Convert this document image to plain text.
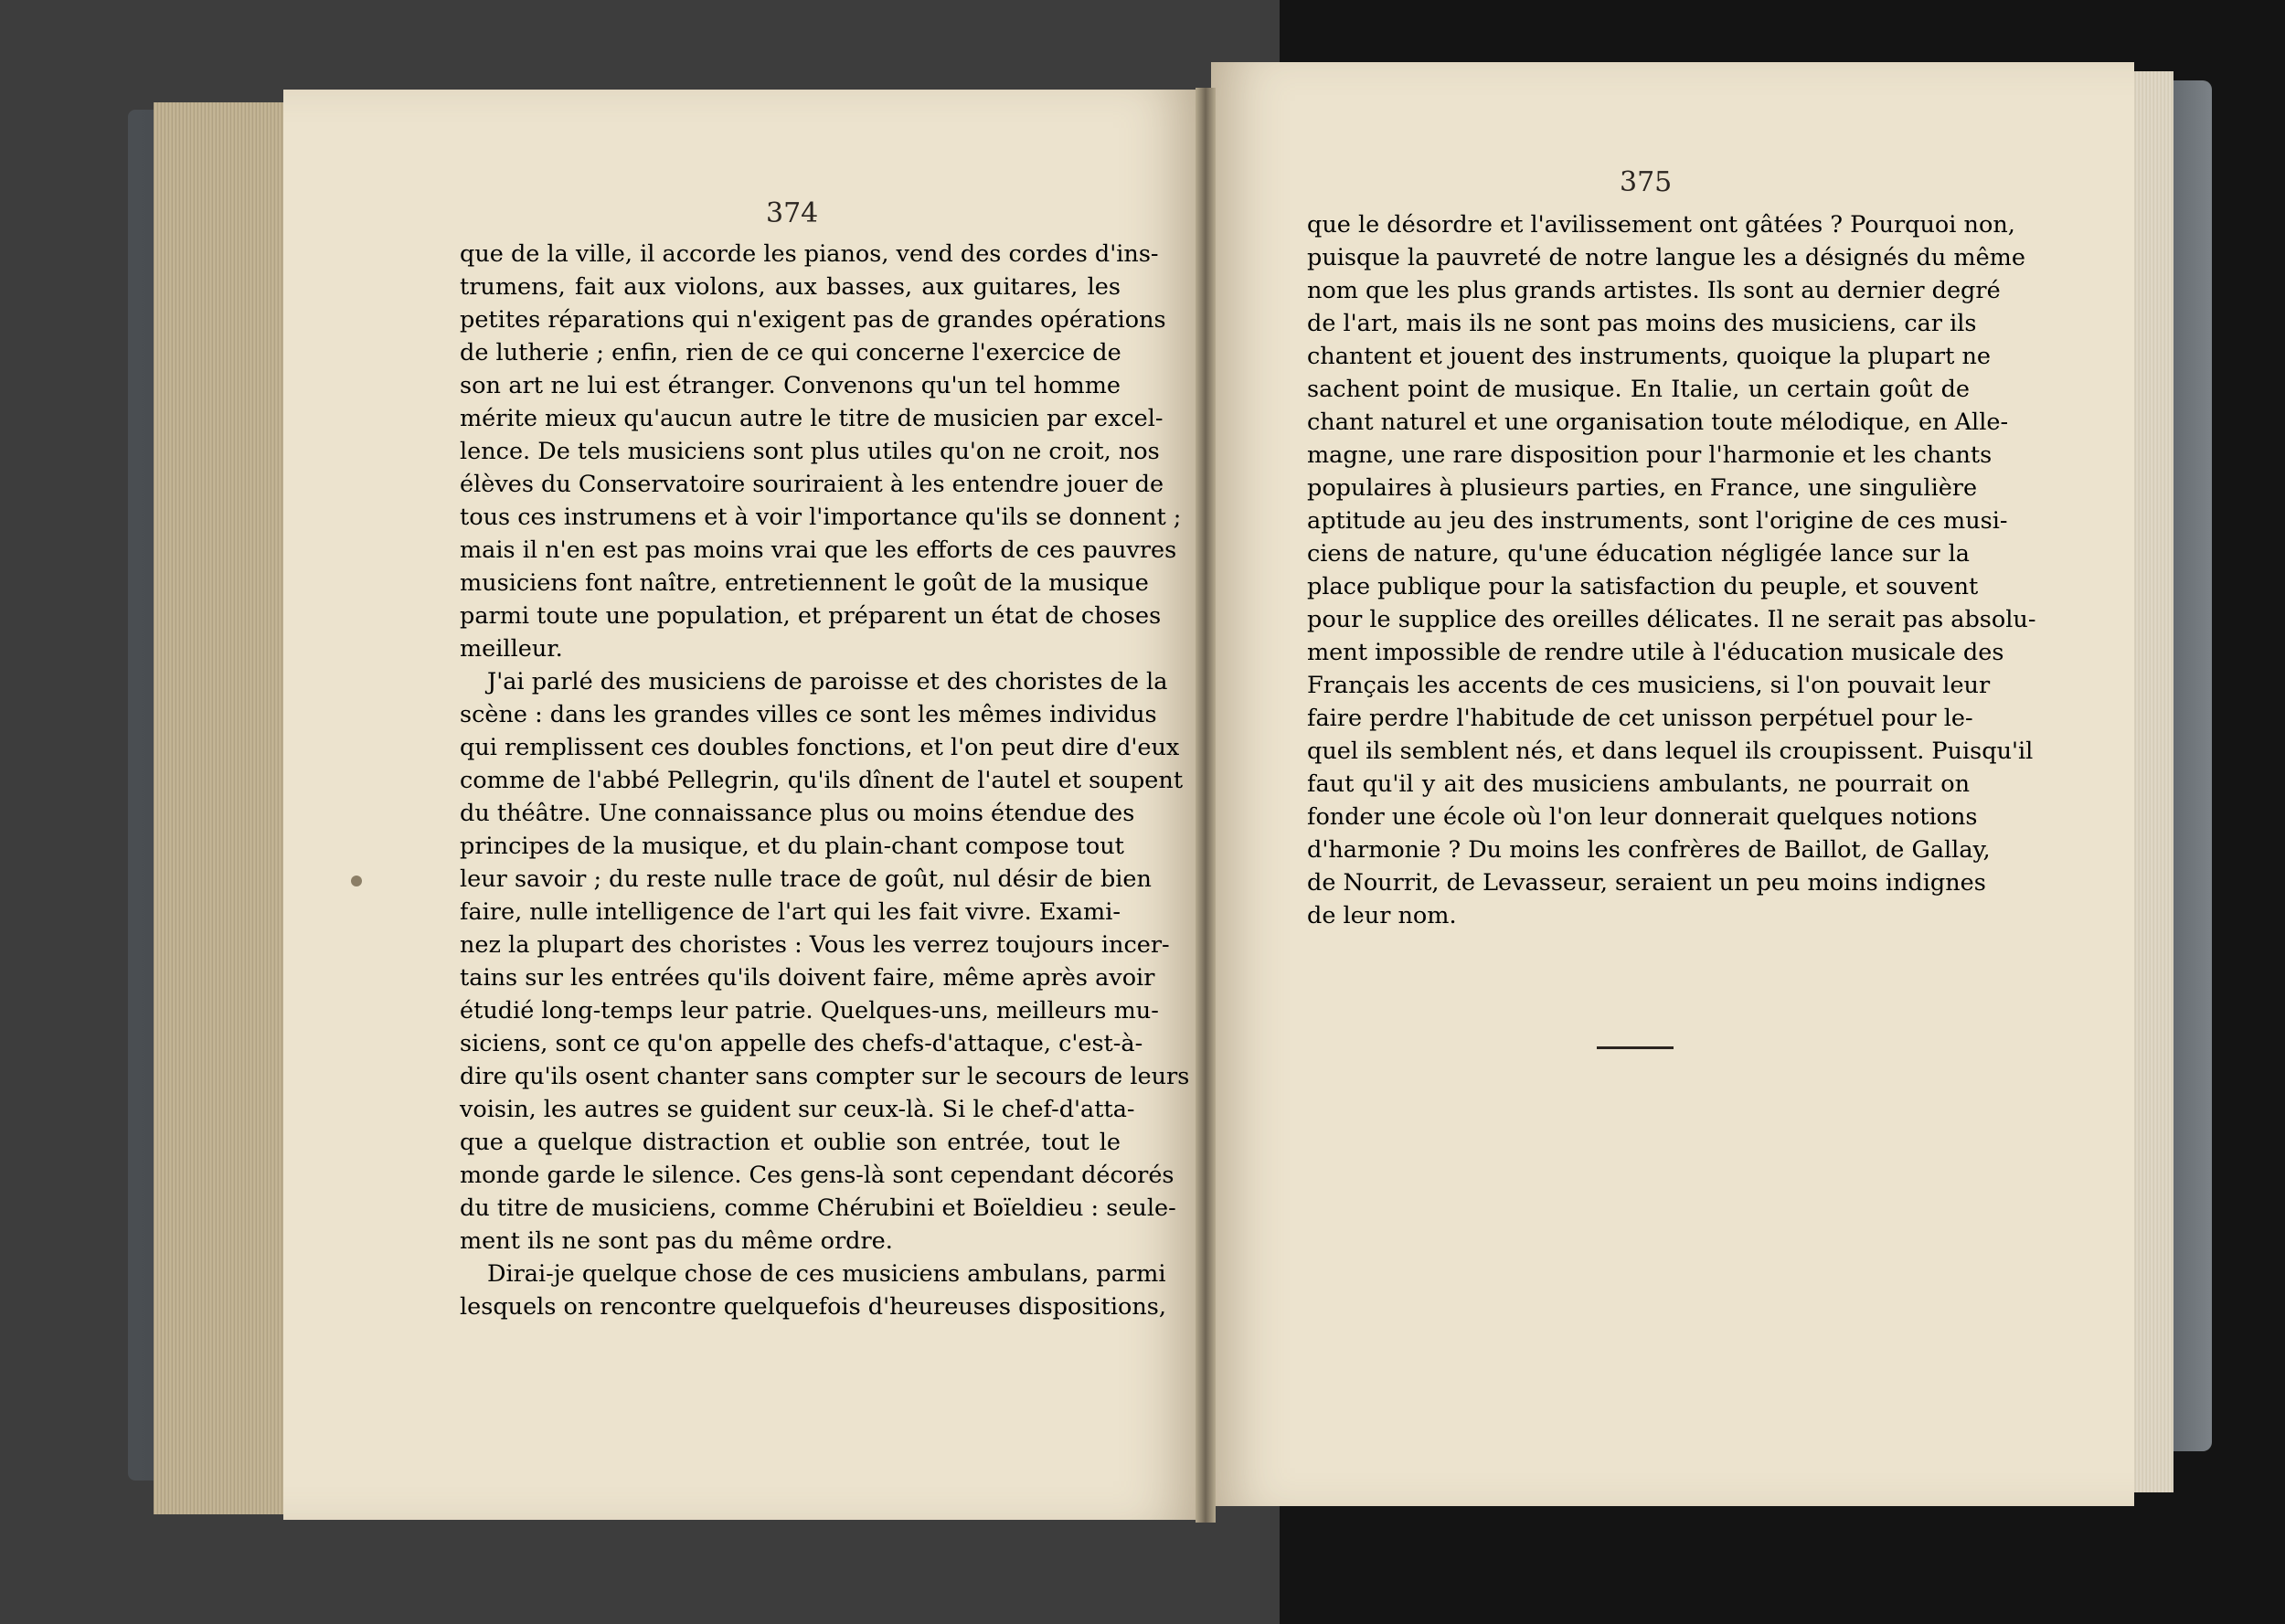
374
375
que de la ville, il accorde les pianos, vend des cordes d'ins-
trumens, fait aux violons, aux basses, aux guitares, les
petites réparations qui n'exigent pas de grandes opérations
de lutherie ; enfin, rien de ce qui concerne l'exercice de
son art ne lui est étranger. Convenons qu'un tel homme
mérite mieux qu'aucun autre le titre de musicien par excel-
lence. De tels musiciens sont plus utiles qu'on ne croit, nos
élèves du Conservatoire souriraient à les entendre jouer de
tous ces instrumens et à voir l'importance qu'ils se donnent ;
mais il n'en est pas moins vrai que les efforts de ces pauvres
musiciens font naître, entretiennent le goût de la musique
parmi toute une population, et préparent un état de choses
meilleur.
J'ai parlé des musiciens de paroisse et des choristes de la
scène : dans les grandes villes ce sont les mêmes individus
qui remplissent ces doubles fonctions, et l'on peut dire d'eux
comme de l'abbé Pellegrin, qu'ils dînent de l'autel et soupent
du théâtre. Une connaissance plus ou moins étendue des
principes de la musique, et du plain-chant compose tout
leur savoir ; du reste nulle trace de goût, nul désir de bien
faire, nulle intelligence de l'art qui les fait vivre. Exami-
nez la plupart des choristes : Vous les verrez toujours incer-
tains sur les entrées qu'ils doivent faire, même après avoir
étudié long-temps leur patrie. Quelques-uns, meilleurs mu-
siciens, sont ce qu'on appelle des chefs-d'attaque, c'est-à-
dire qu'ils osent chanter sans compter sur le secours de leurs
voisin, les autres se guident sur ceux-là. Si le chef-d'atta-
que a quelque distraction et oublie son entrée, tout le
monde garde le silence. Ces gens-là sont cependant décorés
du titre de musiciens, comme Chérubini et Boïeldieu : seule-
ment ils ne sont pas du même ordre.
Dirai-je quelque chose de ces musiciens ambulans, parmi
lesquels on rencontre quelquefois d'heureuses dispositions,
que le désordre et l'avilissement ont gâtées ? Pourquoi non,
puisque la pauvreté de notre langue les a désignés du même
nom que les plus grands artistes. Ils sont au dernier degré
de l'art, mais ils ne sont pas moins des musiciens, car ils
chantent et jouent des instruments, quoique la plupart ne
sachent point de musique. En Italie, un certain goût de
chant naturel et une organisation toute mélodique, en Alle-
magne, une rare disposition pour l'harmonie et les chants
populaires à plusieurs parties, en France, une singulière
aptitude au jeu des instruments, sont l'origine de ces musi-
ciens de nature, qu'une éducation négligée lance sur la
place publique pour la satisfaction du peuple, et souvent
pour le supplice des oreilles délicates. Il ne serait pas absolu-
ment impossible de rendre utile à l'éducation musicale des
Français les accents de ces musiciens, si l'on pouvait leur
faire perdre l'habitude de cet unisson perpétuel pour le-
quel ils semblent nés, et dans lequel ils croupissent. Puisqu'il
faut qu'il y ait des musiciens ambulants, ne pourrait on
fonder une école où l'on leur donnerait quelques notions
d'harmonie ? Du moins les confrères de Baillot, de Gallay,
de Nourrit, de Levasseur, seraient un peu moins indignes
de leur nom.
